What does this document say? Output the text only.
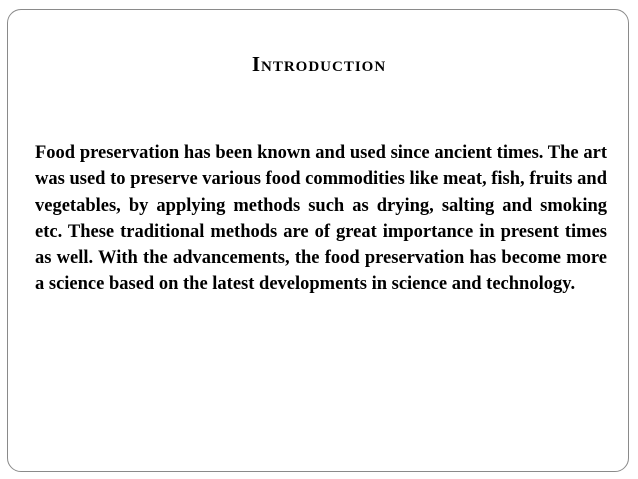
Introduction

Food preservation has been known and used since ancient times. The art was used to preserve various food commodities like meat, fish, fruits and vegetables, by applying methods such as drying, salting and smoking etc. These traditional methods are of great importance in present times as well. With the advancements, the food preservation has become more a science based on the latest developments in science and technology.
